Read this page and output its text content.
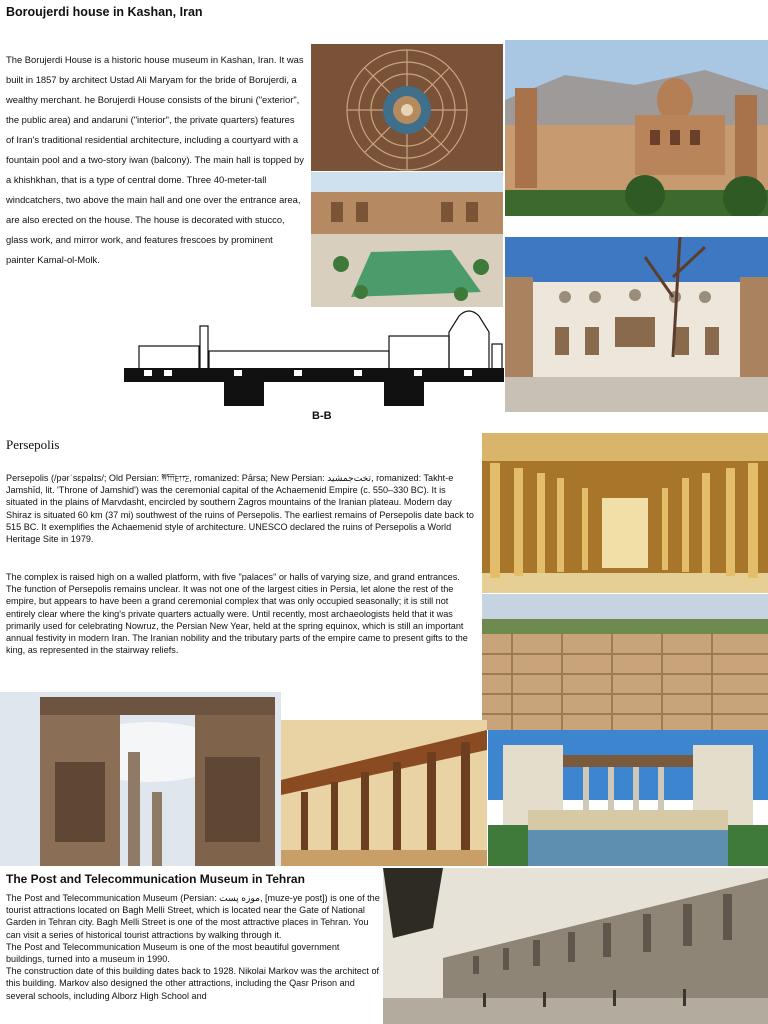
Boroujerdi house in Kashan, Iran
The Borujerdi House is a historic house museum in Kashan, Iran. It was built in 1857 by architect Ustad Ali Maryam for the bride of Borujerdi, a wealthy merchant. he Borujerdi House consists of the biruni ("exterior", the public area) and andaruni ("interior", the private quarters) features of Iran's traditional residential architecture, including a courtyard with a fountain pool and a two-story iwan (balcony). The main hall is topped by a khishkhan, that is a type of central dome. Three 40-meter-tall windcatchers, two above the main hall and one over the entrance area, are also erected on the house. The house is decorated with stucco, glass work, and mirror work, and features frescoes by prominent painter Kamal-ol-Molk.
B-B
Persepolis
Persepolis (/pərˈsɛpəlɪs/; Old Persian: 𐎱𐎠𐎼𐎿, romanized: Pārsa; New Persian: تخت‌جمشید, romanized: Takht-e Jamshīd, lit. 'Throne of Jamshid') was the ceremonial capital of the Achaemenid Empire (c. 550–330 BC). It is situated in the plains of Marvdasht, encircled by southern Zagros mountains of the Iranian plateau. Modern day Shiraz is situated 60 km (37 mi) southwest of the ruins of Persepolis. The earliest remains of Persepolis date back to 515 BC. It exemplifies the Achaemenid style of architecture. UNESCO declared the ruins of Persepolis a World Heritage Site in 1979.
The complex is raised high on a walled platform, with five "palaces" or halls of varying size, and grand entrances. The function of Persepolis remains unclear. It was not one of the largest cities in Persia, let alone the rest of the empire, but appears to have been a grand ceremonial complex that was only occupied seasonally; it is still not entirely clear where the king's private quarters actually were. Until recently, most archaeologists held that it was primarily used for celebrating Nowruz, the Persian New Year, held at the spring equinox, which is still an important annual festivity in modern Iran. The Iranian nobility and the tributary parts of the empire came to present gifts to the king, as represented in the stairway reliefs.
The Post and Telecommunication Museum in Tehran

The Post and Telecommunication Museum (Persian: موزه پست, [muze-ye post]) is one of the tourist attractions located on Bagh Melli Street, which is located near the Gate of National Garden in Tehran city. Bagh Melli Street is one of the most attractive places in Tehran. You can visit a series of historical tourist attractions by walking through it.

The Post and Telecommunication Museum is one of the most beautiful government buildings, turned into a museum in 1990.

The construction date of this building dates back to 1928. Nikolai Markov was the architect of this building. Markov also designed the other attractions, including the Qasr Prison and several schools, including Alborz High School and
